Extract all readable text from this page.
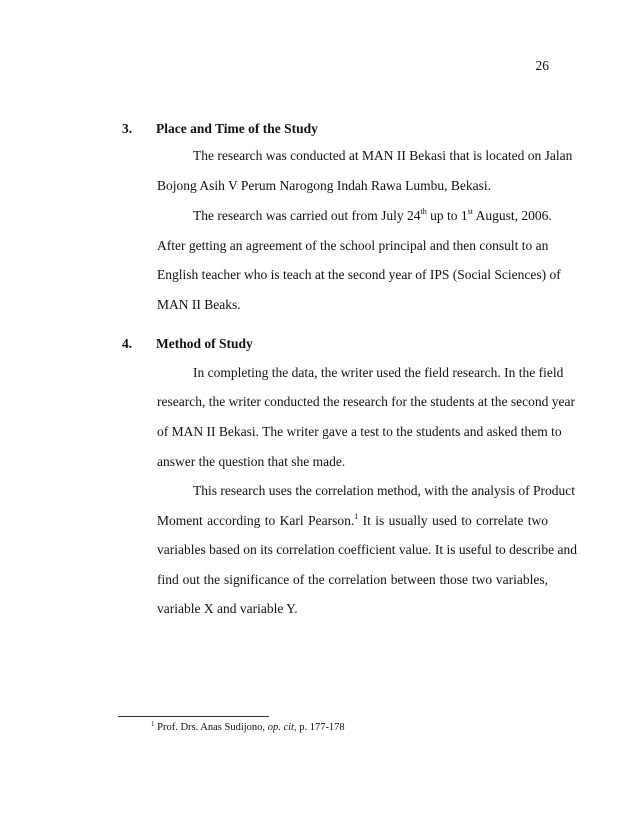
26
3. Place and Time of the Study
The research was conducted at MAN II Bekasi that is located on Jalan
Bojong Asih V Perum Narogong Indah Rawa Lumbu, Bekasi.
The research was carried out from July 24th up to 1st August, 2006.
After getting an agreement of the school principal and then consult to an
English teacher who is teach at the second year of IPS (Social Sciences) of
MAN II Beaks.
4. Method of Study
In completing the data, the writer used the field research. In the field
research, the writer conducted the research for the students at the second year
of MAN II Bekasi. The writer gave a test to the students and asked them to
answer the question that she made.
This research uses the correlation method, with the analysis of Product
Moment according to Karl Pearson.$^1$ It is usually used to correlate two
variables based on its correlation coefficient value. It is useful to describe and
find out the significance of the correlation between those two variables,
variable X and variable Y.
$^1$ Prof. Drs. Anas Sudijono, op. cit, p. 177-178
